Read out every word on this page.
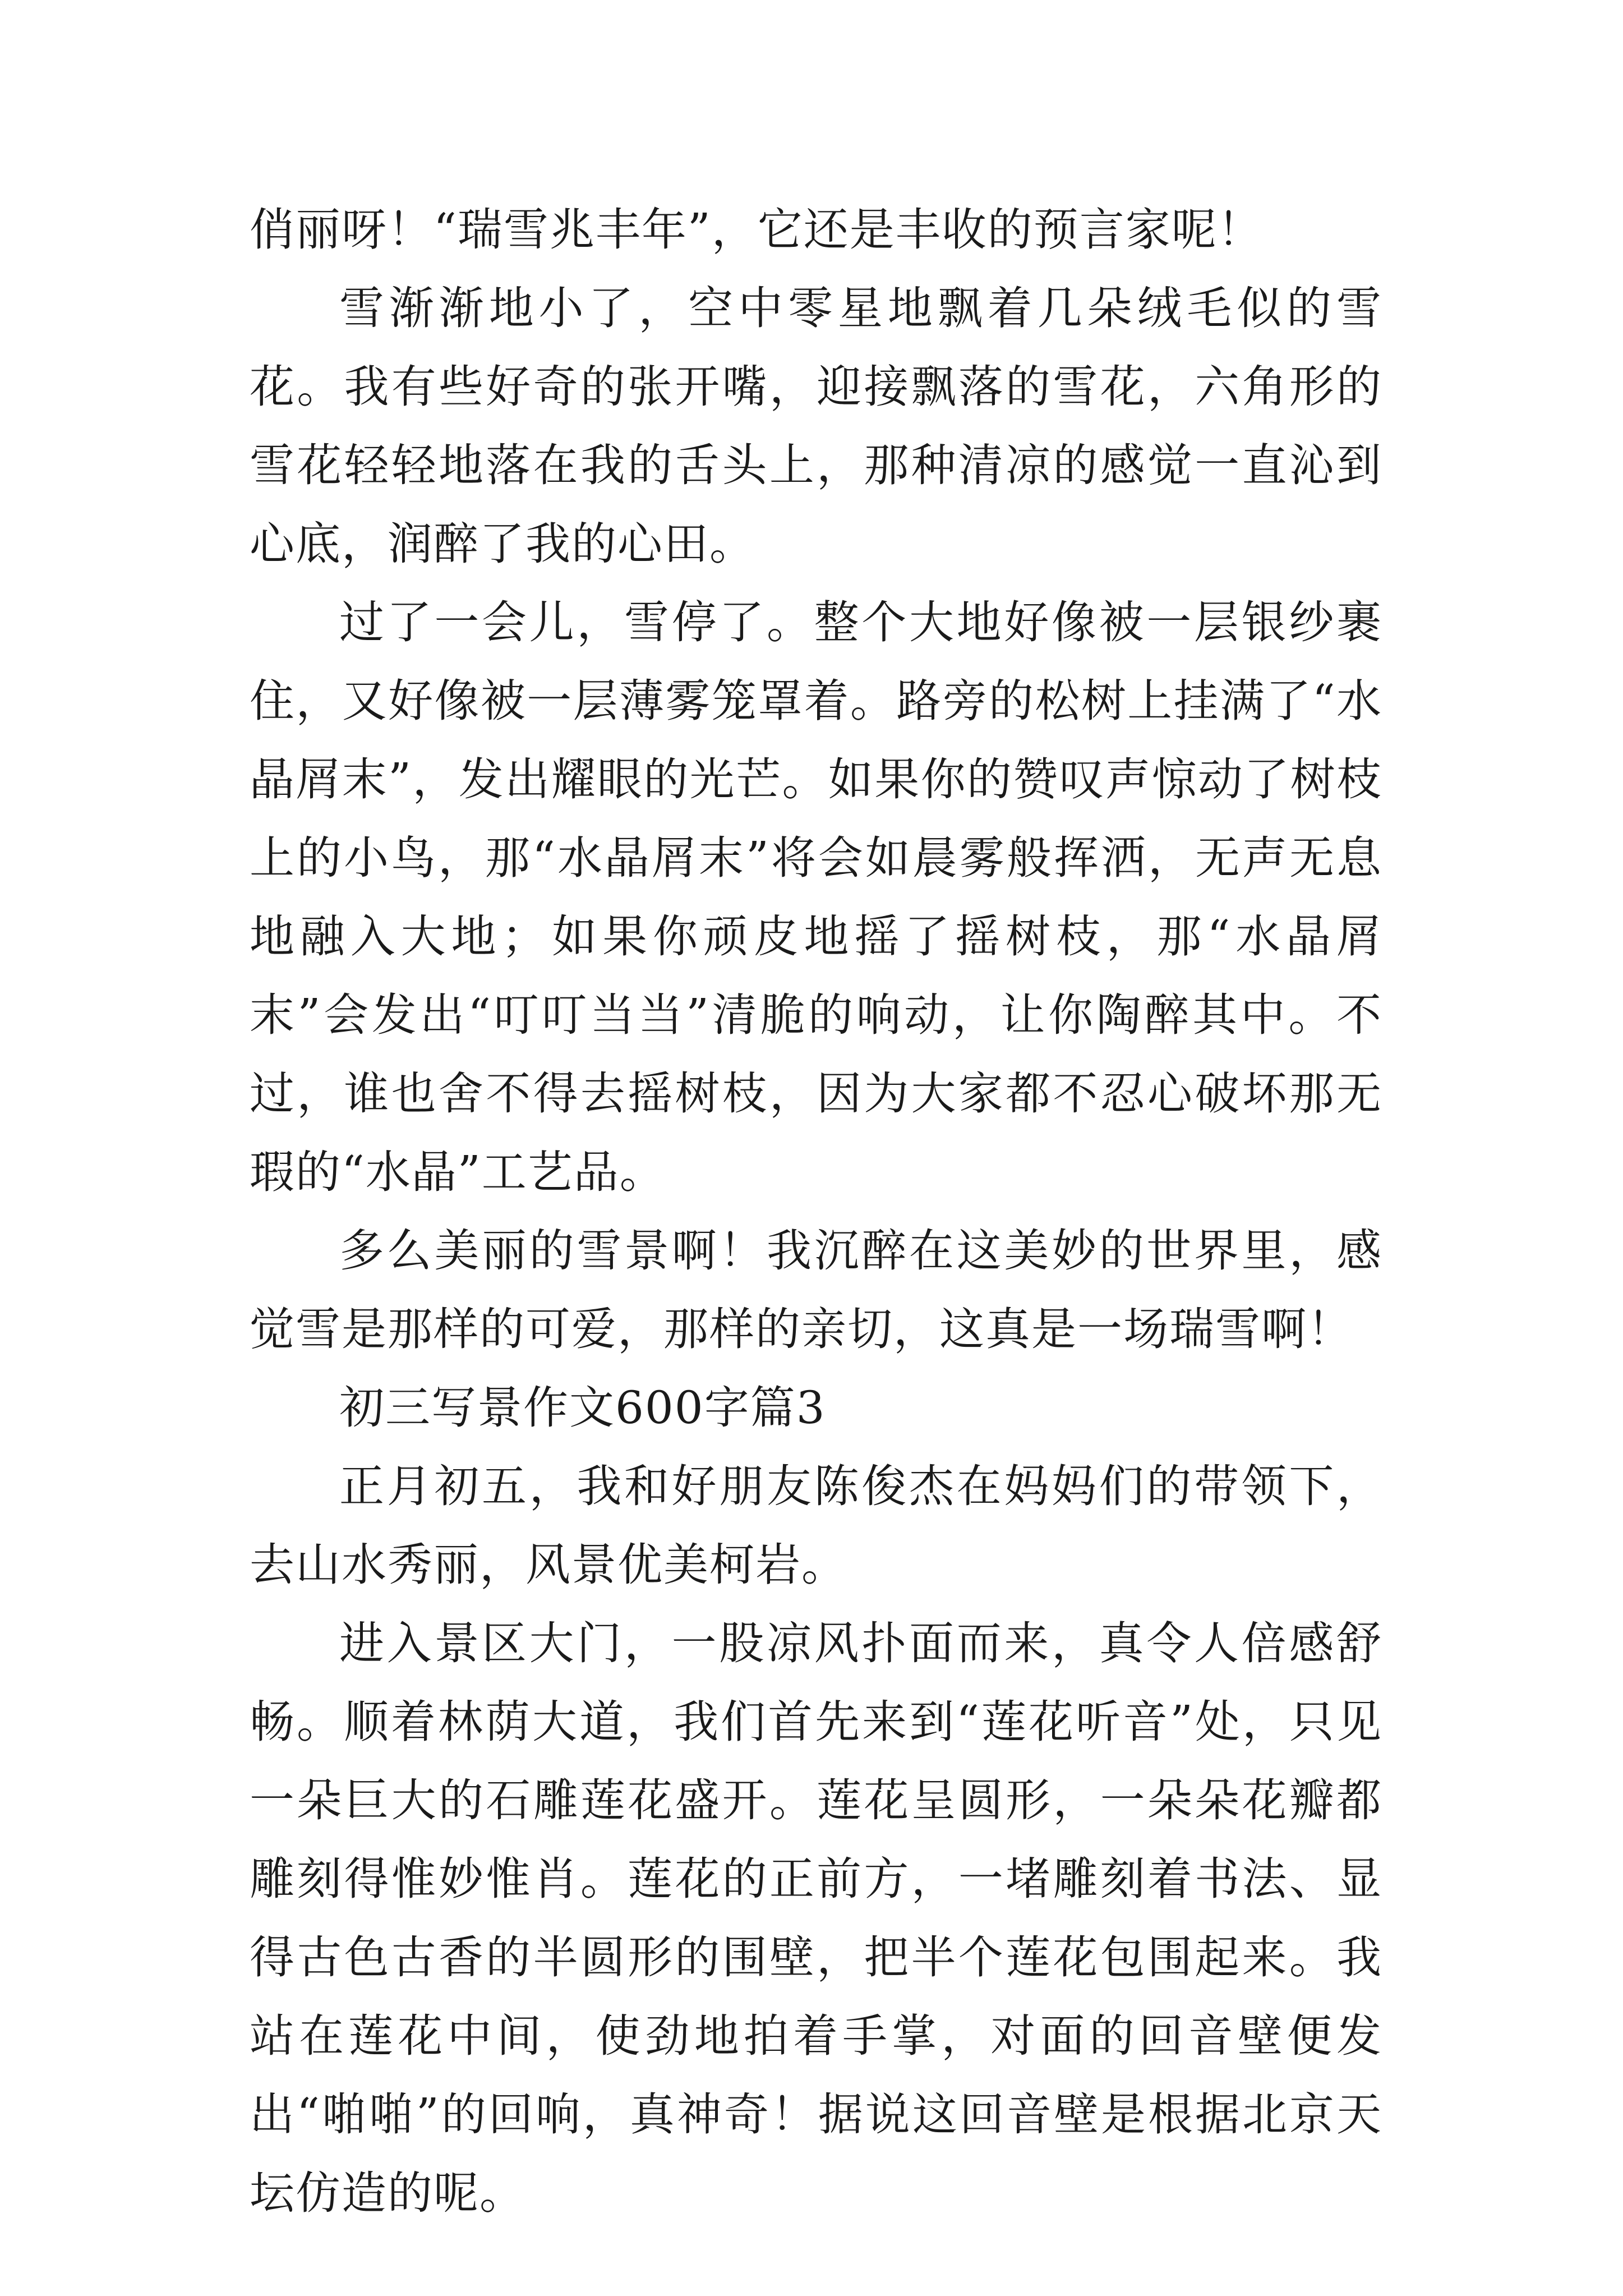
俏丽呀！“瑞雪兆丰年”，它还是丰收的预言家呢！

雪渐渐地小了，空中零星地飘着几朵绒毛似的雪花。我有些好奇的张开嘴，迎接飘落的雪花，六角形的雪花轻轻地落在我的舌头上，那种清凉的感觉一直沁到心底，润醉了我的心田。

过了一会儿，雪停了。整个大地好像被一层银纱裹住，又好像被一层薄雾笼罩着。路旁的松树上挂满了“水晶屑末”，发出耀眼的光芒。如果你的赞叹声惊动了树枝上的小鸟，那“水晶屑末”将会如晨雾般挥洒，无声无息地融入大地；如果你顽皮地摇了摇树枝，那“水晶屑末”会发出“叮叮当当”清脆的响动，让你陶醉其中。不过，谁也舍不得去摇树枝，因为大家都不忍心破坏那无瑕的“水晶”工艺品。

多么美丽的雪景啊！我沉醉在这美妙的世界里，感觉雪是那样的可爱，那样的亲切，这真是一场瑞雪啊！

初三写景作文600字篇3

正月初五，我和好朋友陈俊杰在妈妈们的带领下，去山水秀丽，风景优美柯岩。

进入景区大门，一股凉风扑面而来，真令人倍感舒畅。顺着林荫大道，我们首先来到“莲花听音”处，只见一朵巨大的石雕莲花盛开。莲花呈圆形，一朵朵花瓣都雕刻得惟妙惟肖。莲花的正前方，一堵雕刻着书法、显得古色古香的半圆形的围壁，把半个莲花包围起来。我站在莲花中间，使劲地拍着手掌，对面的回音壁便发出“啪啪”的回响，真神奇！据说这回音壁是根据北京天坛仿造的呢。
